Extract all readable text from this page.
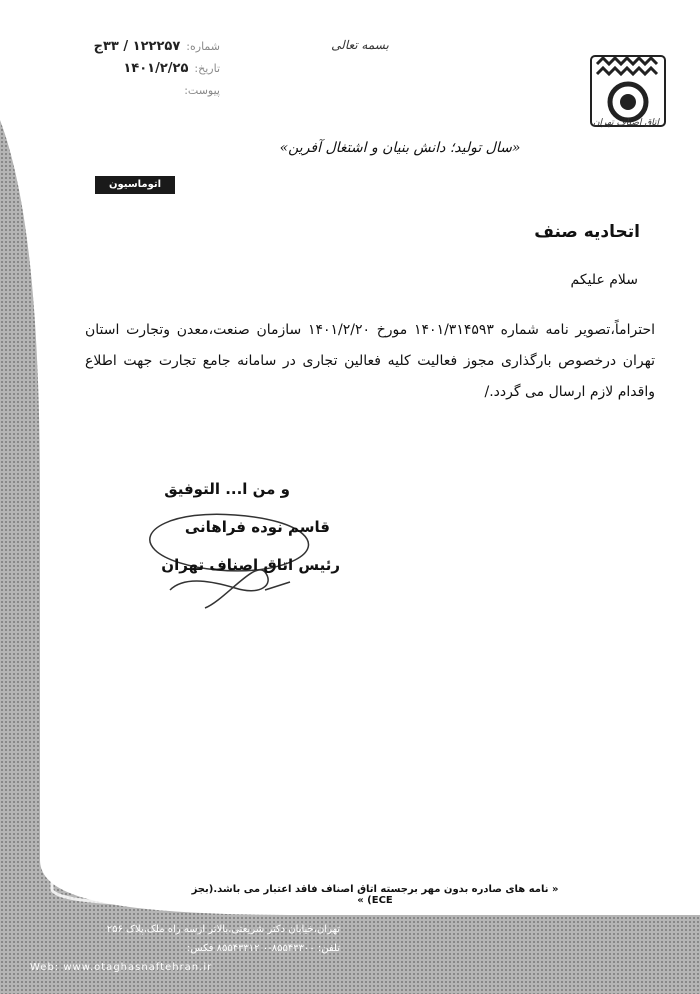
شماره:
۱۲۲۲۵۷ / ۳۳ج
تاریخ:
۱۴۰۱/۲/۲۵
پیوست:
بسمه تعالی
اتاق اصناف تهران
«سال تولید؛ دانش بنیان و اشتغال آفرین»
اتوماسیون اداری
اتحادیه صنف
سلام علیکم
احتراماً،تصویر نامه شماره ۱۴۰۱/۳۱۴۵۹۳ مورخ ۱۴۰۱/۲/۲۰ سازمان صنعت،معدن وتجارت استان تهران درخصوص بارگذاری مجوز فعالیت کلیه فعالین تجاری در سامانه جامع تجارت جهت اطلاع واقدام لازم ارسال می گردد./
و من ا... التوفیق
قاسم نوده فراهانی
رئیس اتاق اصناف تهران
« نامه های صادره بدون مهر برجسته اتاق اصناف فاقد اعتبار می باشد.(بجز ECE) »
تهران،خیابان دکتر شریعتی،بالاتر ازسه راه ملک،پلاک ۲۵۶
تلفن: ۸۵۵۴۳۳۰۰-۰ ۸۵۵۴۳۳۱۲ فکس:
Web: www.otaghasnaftehran.ir
